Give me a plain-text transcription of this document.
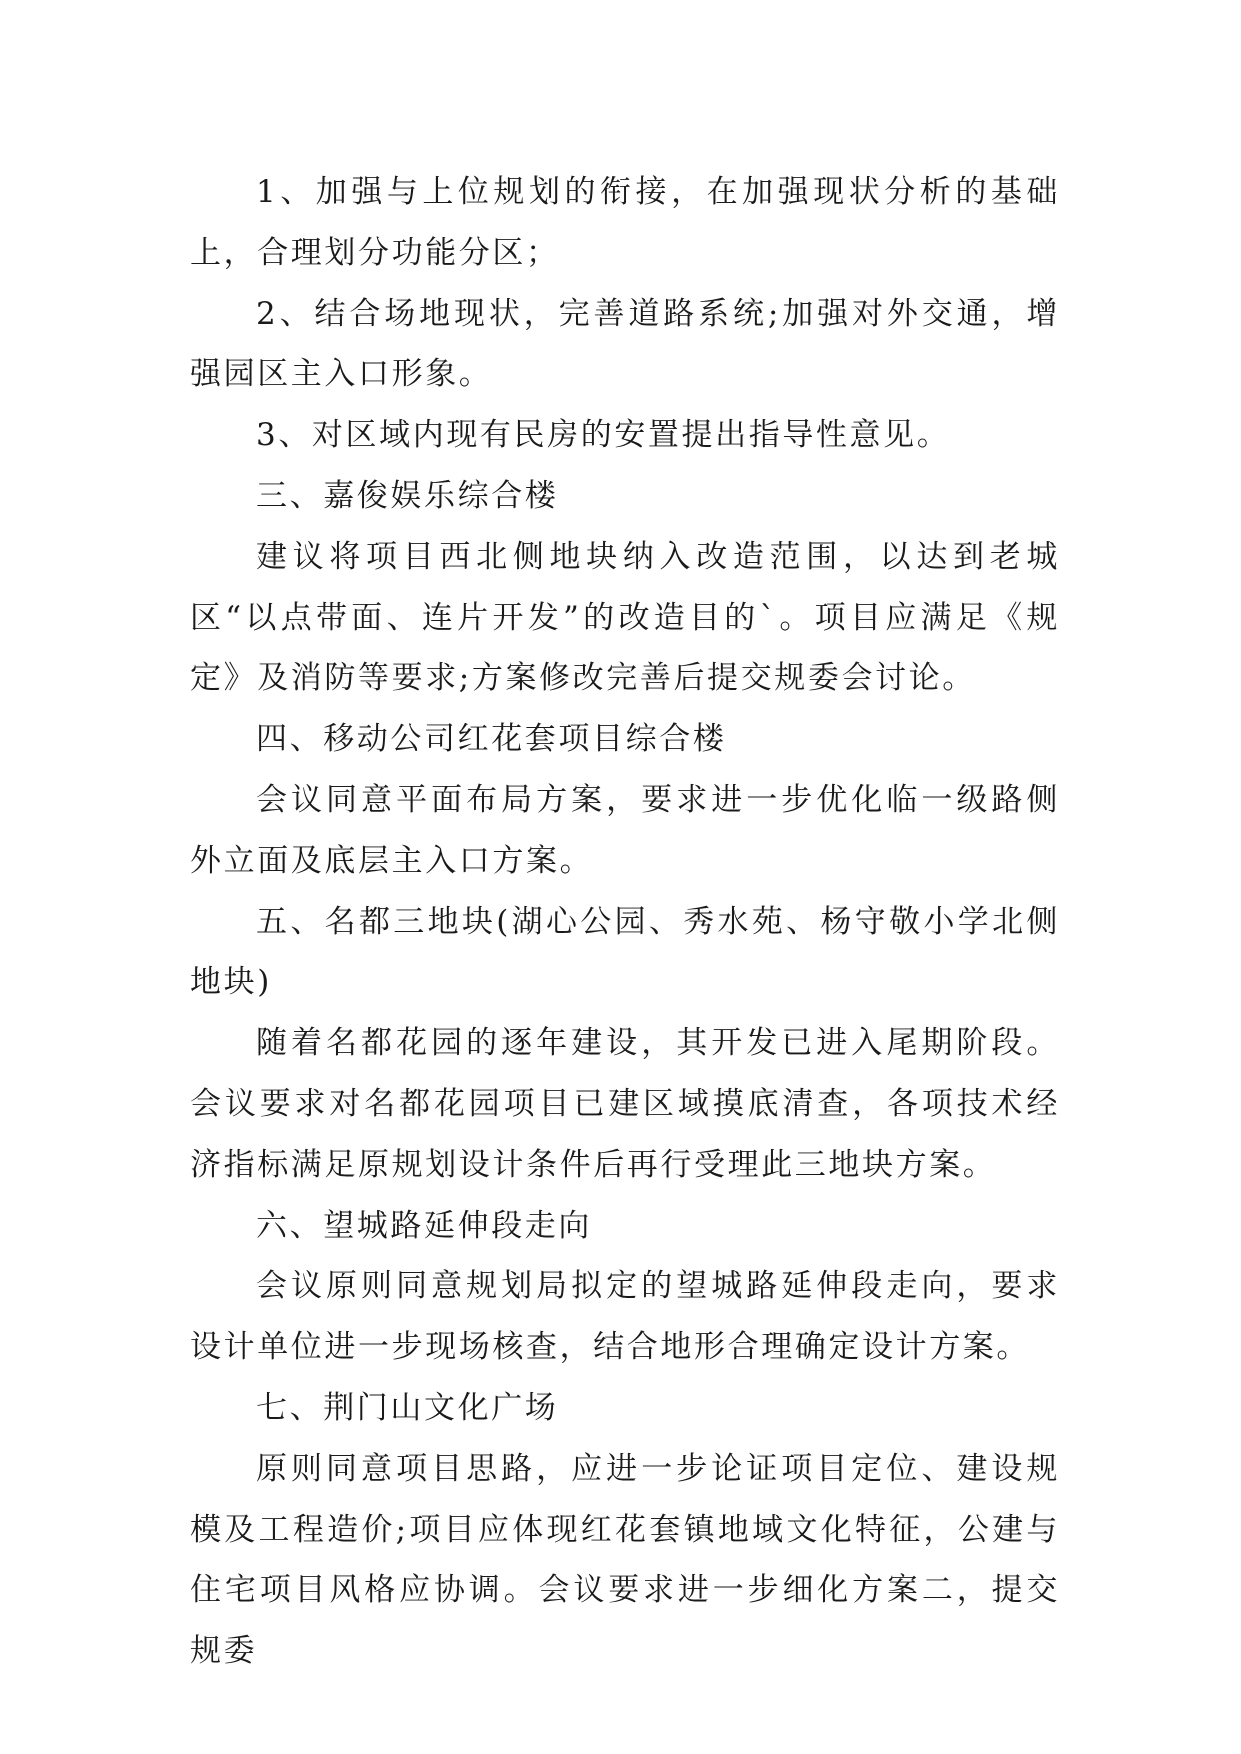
1、加强与上位规划的衔接，在加强现状分析的基础上，合理划分功能分区；

2、结合场地现状，完善道路系统;加强对外交通，增强园区主入口形象。

3、对区域内现有民房的安置提出指导性意见。

三、嘉俊娱乐综合楼

建议将项目西北侧地块纳入改造范围，以达到老城区“以点带面、连片开发”的改造目的`。项目应满足《规定》及消防等要求;方案修改完善后提交规委会讨论。

四、移动公司红花套项目综合楼

会议同意平面布局方案，要求进一步优化临一级路侧外立面及底层主入口方案。

五、名都三地块(湖心公园、秀水苑、杨守敬小学北侧地块)

随着名都花园的逐年建设，其开发已进入尾期阶段。会议要求对名都花园项目已建区域摸底清查，各项技术经济指标满足原规划设计条件后再行受理此三地块方案。

六、望城路延伸段走向

会议原则同意规划局拟定的望城路延伸段走向，要求设计单位进一步现场核查，结合地形合理确定设计方案。

七、荆门山文化广场

原则同意项目思路，应进一步论证项目定位、建设规模及工程造价;项目应体现红花套镇地域文化特征，公建与住宅项目风格应协调。会议要求进一步细化方案二，提交规委
